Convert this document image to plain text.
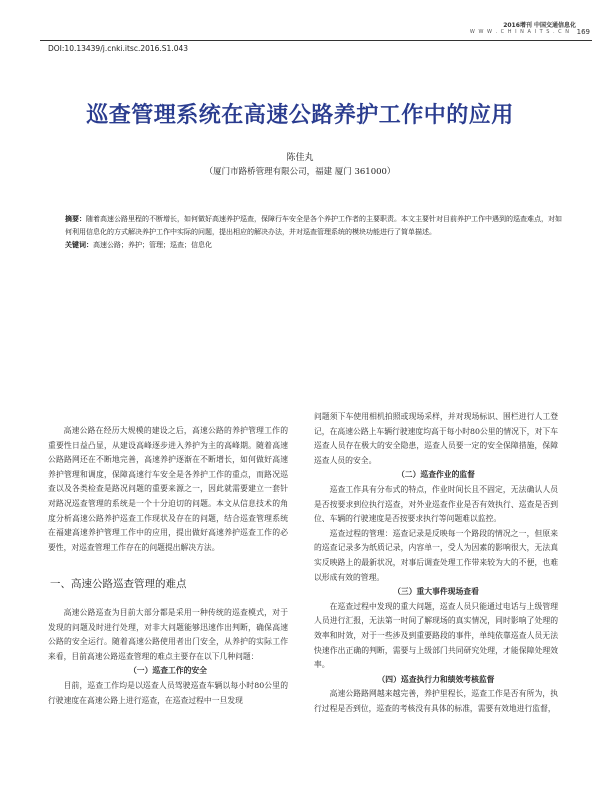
2016增刊 中国交通信息化
169
W W W . C H I N A I T S . C N
DOI:10.13439/j.cnki.itsc.2016.S1.043
巡查管理系统在高速公路养护工作中的应用
陈佳丸
（厦门市路桥管理有限公司，福建 厦门 361000）
摘要：随着高速公路里程的不断增长，如何做好高速养护巡查，保障行车安全是各个养护工作者的主要职责。本文主要针对目前养护工作中遇到的巡查难点，对如何利用信息化的方式解决养护工作中实际的问题，提出相应的解决办法，并对巡查管理系统的模块功能进行了简单描述。
关键词：高速公路；养护；管理；巡查；信息化

高速公路在经历大规模的建设之后，高速公路的养护管理工作的重要性日益凸显，从建设高峰逐步进入养护为主的高峰期。随着高速公路路网还在不断地完善，高速养护逐渐在不断增长，如何做好高速养护管理和调度，保障高速行车安全是各养护工作的重点，而路况巡查以及各类检查是路况问题的重要来源之一，因此就需要建立一套针对路况巡查管理的系统是一个十分迫切的问题。本文从信息技术的角度分析高速公路养护巡查工作现状及存在的问题，结合巡查管理系统在福建高速养护管理工作中的应用，提出做好高速养护巡查工作的必要性，对巡查管理工作存在的问题提出解决方法。

一、高速公路巡查管理的难点

高速公路巡查为目前大部分都是采用一种传统的巡查模式，对于发现的问题及时进行处理，对非大问题能够迅速作出判断，确保高速公路的安全运行。随着高速公路使用者出门安全，从养护的实际工作来看，目前高速公路巡查管理的难点主要存在以下几种问题：

（一）巡查工作的安全

目前，巡查工作均是以巡查人员驾驶巡查车辆以每小时80公里的行驶速度在高速公路上进行巡查，在巡查过程中一旦发现

问题须下车使用相机拍照或现场采样，并对现场标识、围栏进行人工登记，在高速公路上车辆行驶速度均高于每小时80公里的情况下，对下车巡查人员存在极大的安全隐患，巡查人员要一定的安全保障措施，保障巡查人员的安全。

（二）巡查作业的监督

巡查工作具有分布式的特点，作业时间长且不固定，无法确认人员是否按要求到位执行巡查，对外业巡查作业是否有效执行、巡查是否到位、车辆的行驶速度是否按要求执行等问题难以监控。

巡查过程的管理：巡查记录是反映每一个路段的情况之一，但原来的巡查记录多为纸质记录，内容单一，受人为因素的影响很大，无法真实反映路上的最新状况，对事后调查处理工作带来较为大的不便，也难以形成有效的管理。

（三）重大事件现场查看

在巡查过程中发现的重大问题，巡查人员只能通过电话与上级管理人员进行汇报，无法第一时间了解现场的真实情况，同时影响了处理的效率和时效，对于一些涉及到重要路段的事件，单纯依靠巡查人员无法快速作出正确的判断，需要与上级部门共同研究处理，才能保障处理效率。

（四）巡查执行力和绩效考核监督

高速公路路网越来越完善，养护里程长，巡查工作是否有所为，执行过程是否到位，巡查的考核没有具体的标准，需要有效地进行监督，
